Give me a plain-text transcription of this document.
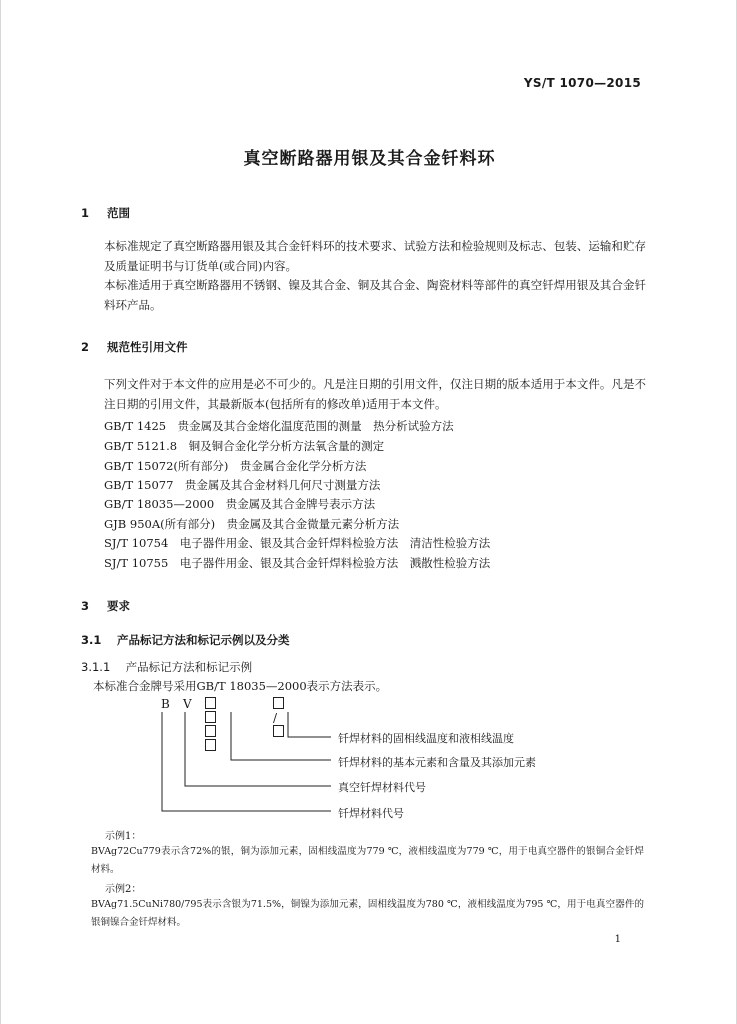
YS/T 1070—2015
真空断路器用银及其合金钎料环
1 范围
本标准规定了真空断路器用银及其合金钎料环的技术要求、试验方法和检验规则及标志、包装、运输和贮存及质量证明书与订货单(或合同)内容。
本标准适用于真空断路器用不锈钢、镍及其合金、铜及其合金、陶瓷材料等部件的真空钎焊用银及其合金钎料环产品。
2 规范性引用文件
下列文件对于本文件的应用是必不可少的。凡是注日期的引用文件，仅注日期的版本适用于本文件。凡是不注日期的引用文件，其最新版本(包括所有的修改单)适用于本文件。
GB/T 1425　贵金属及其合金熔化温度范围的测量　热分析试验方法
GB/T 5121.8　铜及铜合金化学分析方法氧含量的测定
GB/T 15072(所有部分)　贵金属合金化学分析方法
GB/T 15077　贵金属及其合金材料几何尺寸测量方法
GB/T 18035—2000　贵金属及其合金牌号表示方法
GJB 950A(所有部分)　贵金属及其合金微量元素分析方法
SJ/T 10754　电子器件用金、银及其合金钎焊料检验方法　清洁性检验方法
SJ/T 10755　电子器件用金、银及其合金钎焊料检验方法　溅散性检验方法
3 要求
3.1 产品标记方法和标记示例以及分类
3.1.1 产品标记方法和标记示例
本标准合金牌号采用GB/T 18035—2000表示方法表示。
B V
/
钎焊材料的固相线温度和液相线温度
钎焊材料的基本元素和含量及其添加元素
真空钎焊材料代号
钎焊材料代号
示例1：
BVAg72Cu779表示含72%的银，铜为添加元素，固相线温度为779 ℃，液相线温度为779 ℃，用于电真空器件的银铜合金钎焊材料。
示例2：
BVAg71.5CuNi780/795表示含银为71.5%，铜镍为添加元素，固相线温度为780 ℃，液相线温度为795 ℃，用于电真空器件的银铜镍合金钎焊材料。
1
